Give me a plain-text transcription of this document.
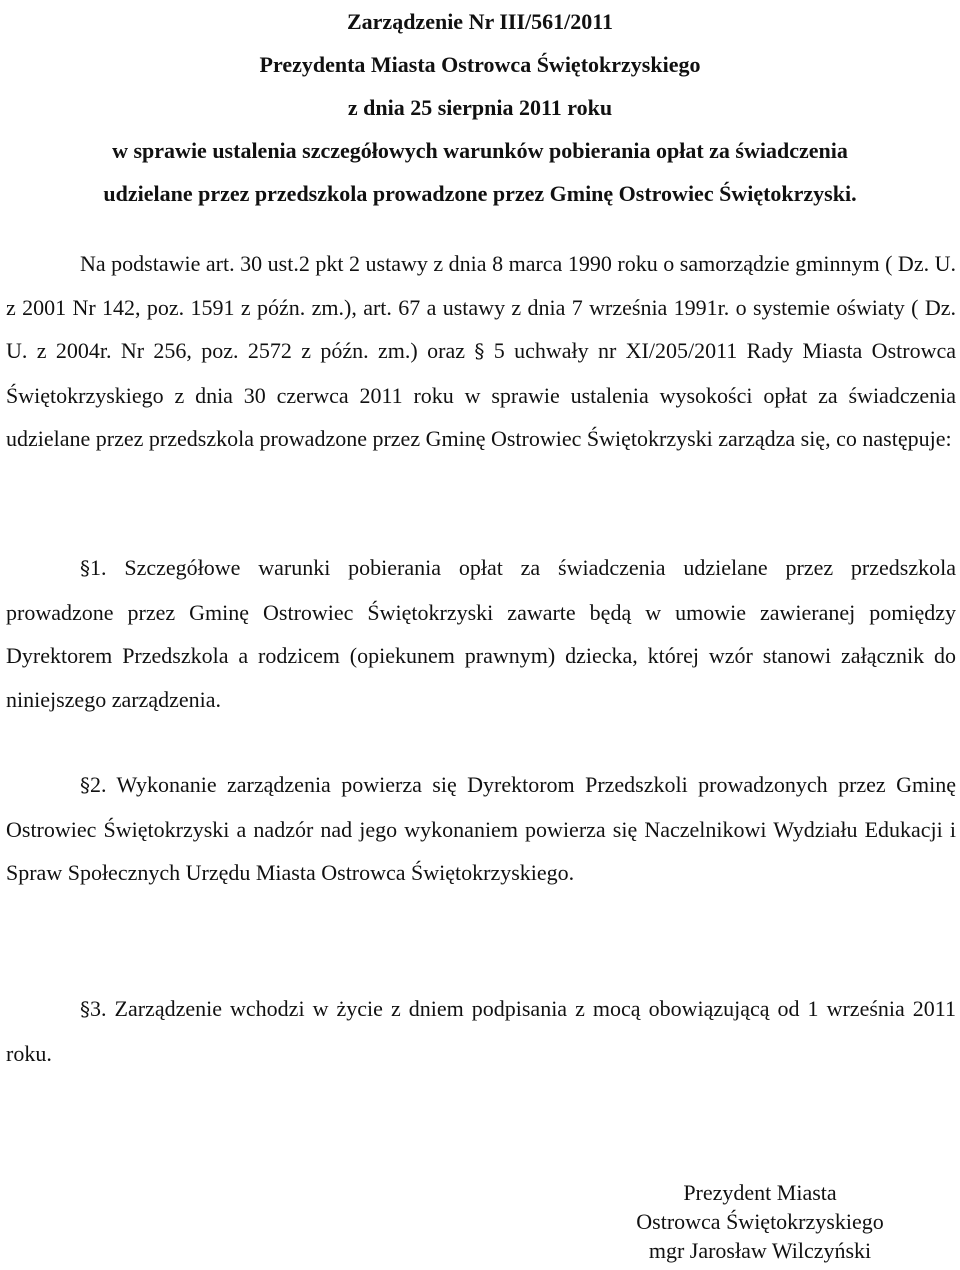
Zarządzenie Nr III/561/2011
Prezydenta Miasta Ostrowca Świętokrzyskiego
z dnia 25 sierpnia 2011 roku
w sprawie ustalenia szczegółowych warunków pobierania opłat za świadczenia
udzielane przez przedszkola prowadzone przez Gminę Ostrowiec Świętokrzyski.
Na podstawie art. 30 ust.2 pkt 2 ustawy z dnia 8 marca 1990 roku o samorządzie gminnym ( Dz. U. z 2001 Nr 142, poz. 1591 z późn. zm.), art. 67 a ustawy z dnia 7 września 1991r. o systemie oświaty ( Dz. U. z 2004r. Nr 256, poz. 2572 z późn. zm.) oraz § 5 uchwały nr XI/205/2011 Rady Miasta Ostrowca Świętokrzyskiego z dnia 30 czerwca 2011 roku w sprawie ustalenia wysokości opłat za świadczenia udzielane przez przedszkola prowadzone przez Gminę Ostrowiec Świętokrzyski zarządza się, co następuje:
§1. Szczegółowe warunki pobierania opłat za świadczenia udzielane przez przedszkola prowadzone przez Gminę Ostrowiec Świętokrzyski zawarte będą w umowie zawieranej pomiędzy Dyrektorem Przedszkola a rodzicem (opiekunem prawnym) dziecka, której wzór stanowi załącznik do niniejszego zarządzenia.
§2. Wykonanie zarządzenia powierza się Dyrektorom Przedszkoli prowadzonych przez Gminę Ostrowiec Świętokrzyski a nadzór nad jego wykonaniem powierza się Naczelnikowi Wydziału Edukacji i Spraw Społecznych Urzędu Miasta Ostrowca Świętokrzyskiego.
§3. Zarządzenie wchodzi w życie z dniem podpisania z mocą obowiązującą od 1 września 2011 roku.
Prezydent Miasta
Ostrowca Świętokrzyskiego
mgr Jarosław Wilczyński
